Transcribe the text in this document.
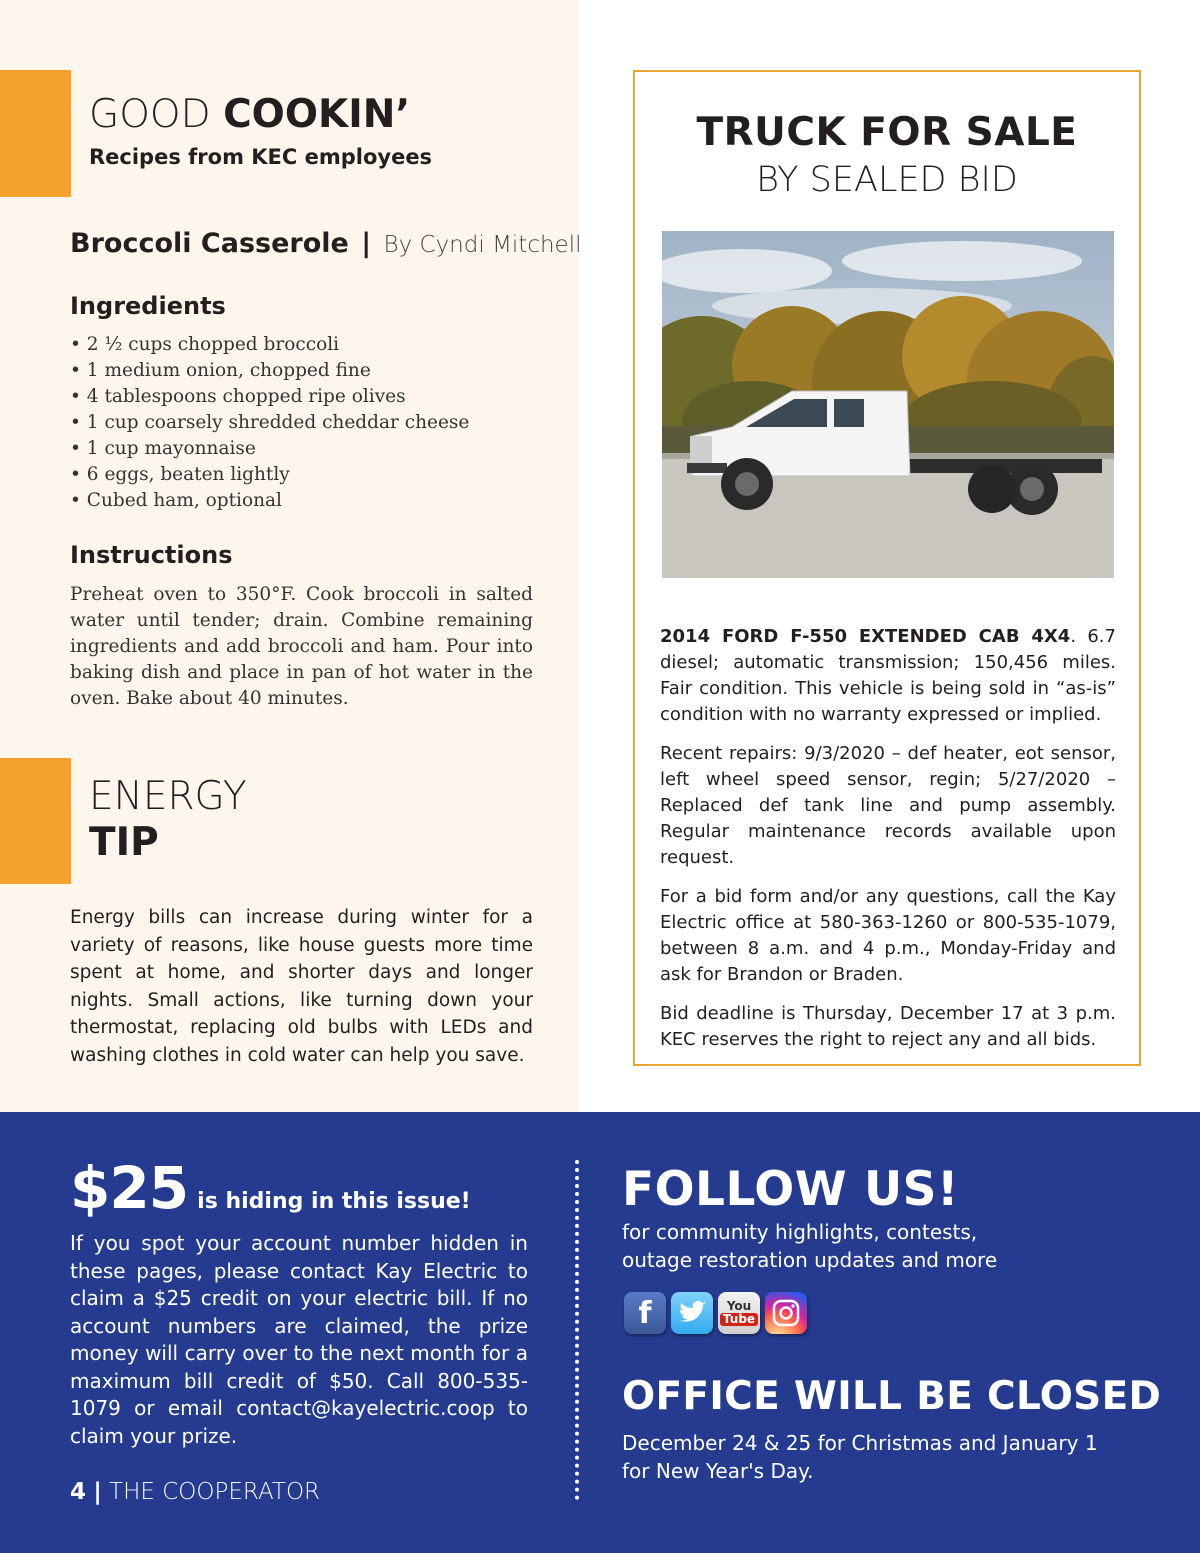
GOOD COOKIN’
Recipes from KEC employees
Broccoli Casserole | By Cyndi Mitchell
Ingredients
• 2 ½ cups chopped broccoli
• 1 medium onion, chopped fine
• 4 tablespoons chopped ripe olives
• 1 cup coarsely shredded cheddar cheese
• 1 cup mayonnaise
• 6 eggs, beaten lightly
• Cubed ham, optional
Instructions

Preheat oven to 350°F. Cook broccoli in salted water until tender; drain. Combine remaining ingredients and add broccoli and ham. Pour into baking dish and place in pan of hot water in the oven. Bake about 40 minutes.

ENERGY
TIP

Energy bills can increase during winter for a variety of reasons, like house guests more time spent at home, and shorter days and longer nights. Small actions, like turning down your thermostat, replacing old bulbs with LEDs and washing clothes in cold water can help you save.

TRUCK FOR SALE
BY SEALED BID

2014 FORD F-550 EXTENDED CAB 4X4. 6.7 diesel; automatic transmission; 150,456 miles. Fair condition. This vehicle is being sold in “as-is” condition with no warranty expressed or implied.

Recent repairs: 9/3/2020 – def heater, eot sensor, left wheel speed sensor, regin; 5/27/2020 – Replaced def tank line and pump assembly. Regular maintenance records available upon request.

For a bid form and/or any questions, call the Kay Electric office at 580-363-1260 or 800-535-1079, between 8 a.m. and 4 p.m., Monday-Friday and ask for Brandon or Braden.

Bid deadline is Thursday, December 17 at 3 p.m. KEC reserves the right to reject any and all bids.

$25 is hiding in this issue!

If you spot your account number hidden in these pages, please contact Kay Electric to claim a $25 credit on your electric bill. If no account numbers are claimed, the prize money will carry over to the next month for a maximum bill credit of $50. Call 800-535-1079 or email contact@kayelectric.coop to claim your prize.

FOLLOW US!

for community highlights, contests, outage restoration updates and more

f	You
Tube
OFFICE WILL BE CLOSED

December 24 & 25 for Christmas and January 1 for New Year's Day.

4 | THE COOPERATOR
